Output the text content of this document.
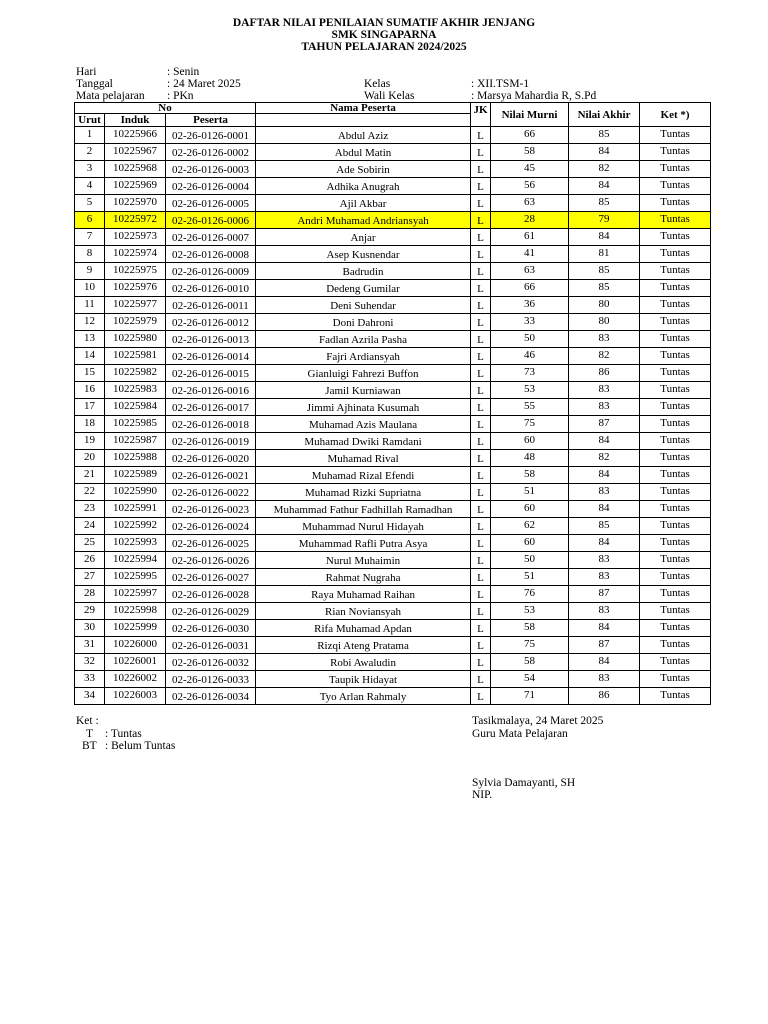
DAFTAR NILAI PENILAIAN SUMATIF AKHIR JENJANG
SMK SINGAPARNA
TAHUN PELAJARAN 2024/2025
Hari	: Senin
Tanggal	: 24 Maret 2025
Mata pelajaran : PKn
Kelas	: XII.TSM-1
Wali Kelas	: Marsya Mahardia R, S.Pd
No			Nama Peserta	JK	Nilai Murni	Nilai Akhir	Ket *)
Urut	Induk	Peserta					
1	10225966	02-26-0126-0001	Abdul Aziz	L	66	85	Tuntas
2	10225967	02-26-0126-0002	Abdul Matin	L	58	84	Tuntas
3	10225968	02-26-0126-0003	Ade Sobirin	L	45	82	Tuntas
4	10225969	02-26-0126-0004	Adhika Anugrah	L	56	84	Tuntas
5	10225970	02-26-0126-0005	Ajil Akbar	L	63	85	Tuntas
6	10225972	02-26-0126-0006	Andri Muhamad Andriansyah	L	28	79	Tuntas
7	10225973	02-26-0126-0007	Anjar	L	61	84	Tuntas
8	10225974	02-26-0126-0008	Asep Kusnendar	L	41	81	Tuntas
9	10225975	02-26-0126-0009	Badrudin	L	63	85	Tuntas
10	10225976	02-26-0126-0010	Dedeng Gumilar	L	66	85	Tuntas
11	10225977	02-26-0126-0011	Deni Suhendar	L	36	80	Tuntas
12	10225979	02-26-0126-0012	Doni Dahroni	L	33	80	Tuntas
13	10225980	02-26-0126-0013	Fadlan Azrila Pasha	L	50	83	Tuntas
14	10225981	02-26-0126-0014	Fajri Ardiansyah	L	46	82	Tuntas
15	10225982	02-26-0126-0015	Gianluigi Fahrezi Buffon	L	73	86	Tuntas
16	10225983	02-26-0126-0016	Jamil Kurniawan	L	53	83	Tuntas
17	10225984	02-26-0126-0017	Jimmi Ajhinata Kusumah	L	55	83	Tuntas
18	10225985	02-26-0126-0018	Muhamad Azis Maulana	L	75	87	Tuntas
19	10225987	02-26-0126-0019	Muhamad Dwiki Ramdani	L	60	84	Tuntas
20	10225988	02-26-0126-0020	Muhamad Rival	L	48	82	Tuntas
21	10225989	02-26-0126-0021	Muhamad Rizal Efendi	L	58	84	Tuntas
22	10225990	02-26-0126-0022	Muhamad Rizki Supriatna	L	51	83	Tuntas
23	10225991	02-26-0126-0023	Muhammad Fathur Fadhillah Ramadhan	L	60	84	Tuntas
24	10225992	02-26-0126-0024	Muhammad Nurul Hidayah	L	62	85	Tuntas
25	10225993	02-26-0126-0025	Muhammad Rafli Putra Asya	L	60	84	Tuntas
26	10225994	02-26-0126-0026	Nurul Muhaimin	L	50	83	Tuntas
27	10225995	02-26-0126-0027	Rahmat Nugraha	L	51	83	Tuntas
28	10225997	02-26-0126-0028	Raya Muhamad Raihan	L	76	87	Tuntas
29	10225998	02-26-0126-0029	Rian Noviansyah	L	53	83	Tuntas
30	10225999	02-26-0126-0030	Rifa Muhamad Apdan	L	58	84	Tuntas
31	10226000	02-26-0126-0031	Rizqi Ateng Pratama	L	75	87	Tuntas
32	10226001	02-26-0126-0032	Robi Awaludin	L	58	84	Tuntas
33	10226002	02-26-0126-0033	Taupik Hidayat	L	54	83	Tuntas
34	10226003	02-26-0126-0034	Tyo Arlan Rahmaly	L	71	86	Tuntas
Ket :
T : Tuntas
BT : Belum Tuntas
Tasikmalaya, 24 Maret 2025
Guru Mata Pelajaran
Sylvia Damayanti, SH
NIP.
